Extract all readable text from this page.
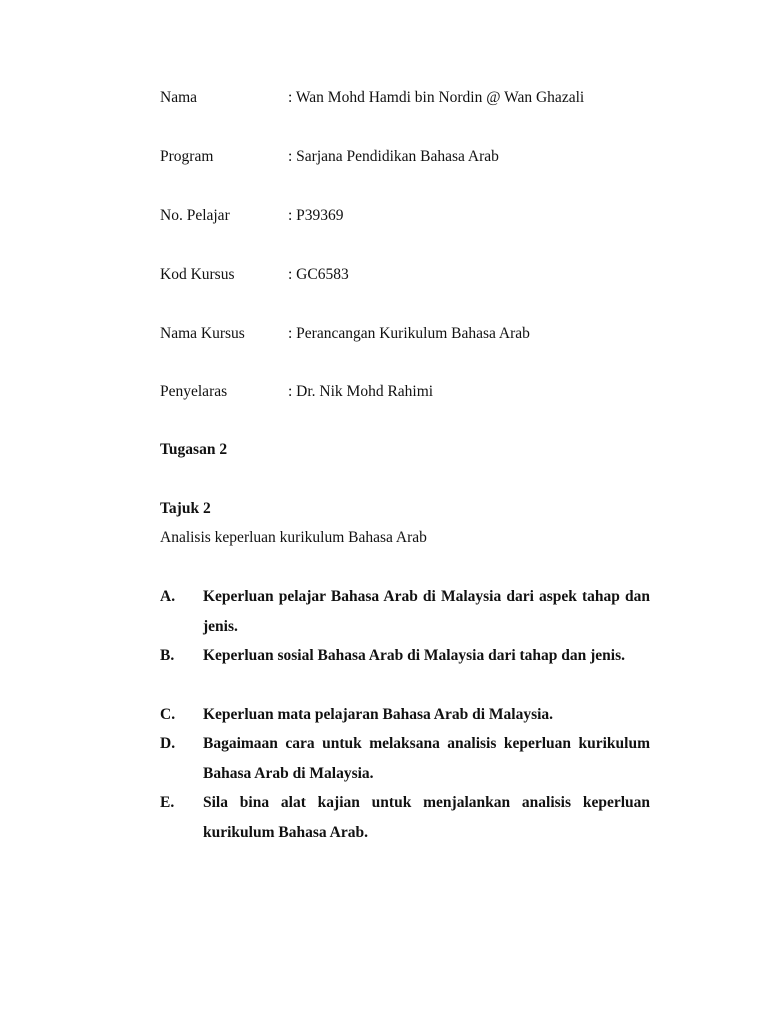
Nama	: Wan Mohd Hamdi bin Nordin @ Wan Ghazali
Program	: Sarjana Pendidikan Bahasa Arab
No. Pelajar	: P39369
Kod Kursus	: GC6583
Nama Kursus	: Perancangan Kurikulum Bahasa Arab
Penyelaras	: Dr. Nik Mohd Rahimi
Tugasan 2
Tajuk 2
Analisis keperluan kurikulum Bahasa Arab
A. Keperluan pelajar Bahasa Arab di Malaysia dari aspek tahap dan jenis.
B. Keperluan sosial Bahasa Arab di Malaysia dari tahap dan jenis.
C. Keperluan mata pelajaran Bahasa Arab di Malaysia.
D. Bagaimaan cara untuk melaksana analisis keperluan kurikulum Bahasa Arab di Malaysia.
E. Sila bina alat kajian untuk menjalankan analisis keperluan kurikulum Bahasa Arab.
